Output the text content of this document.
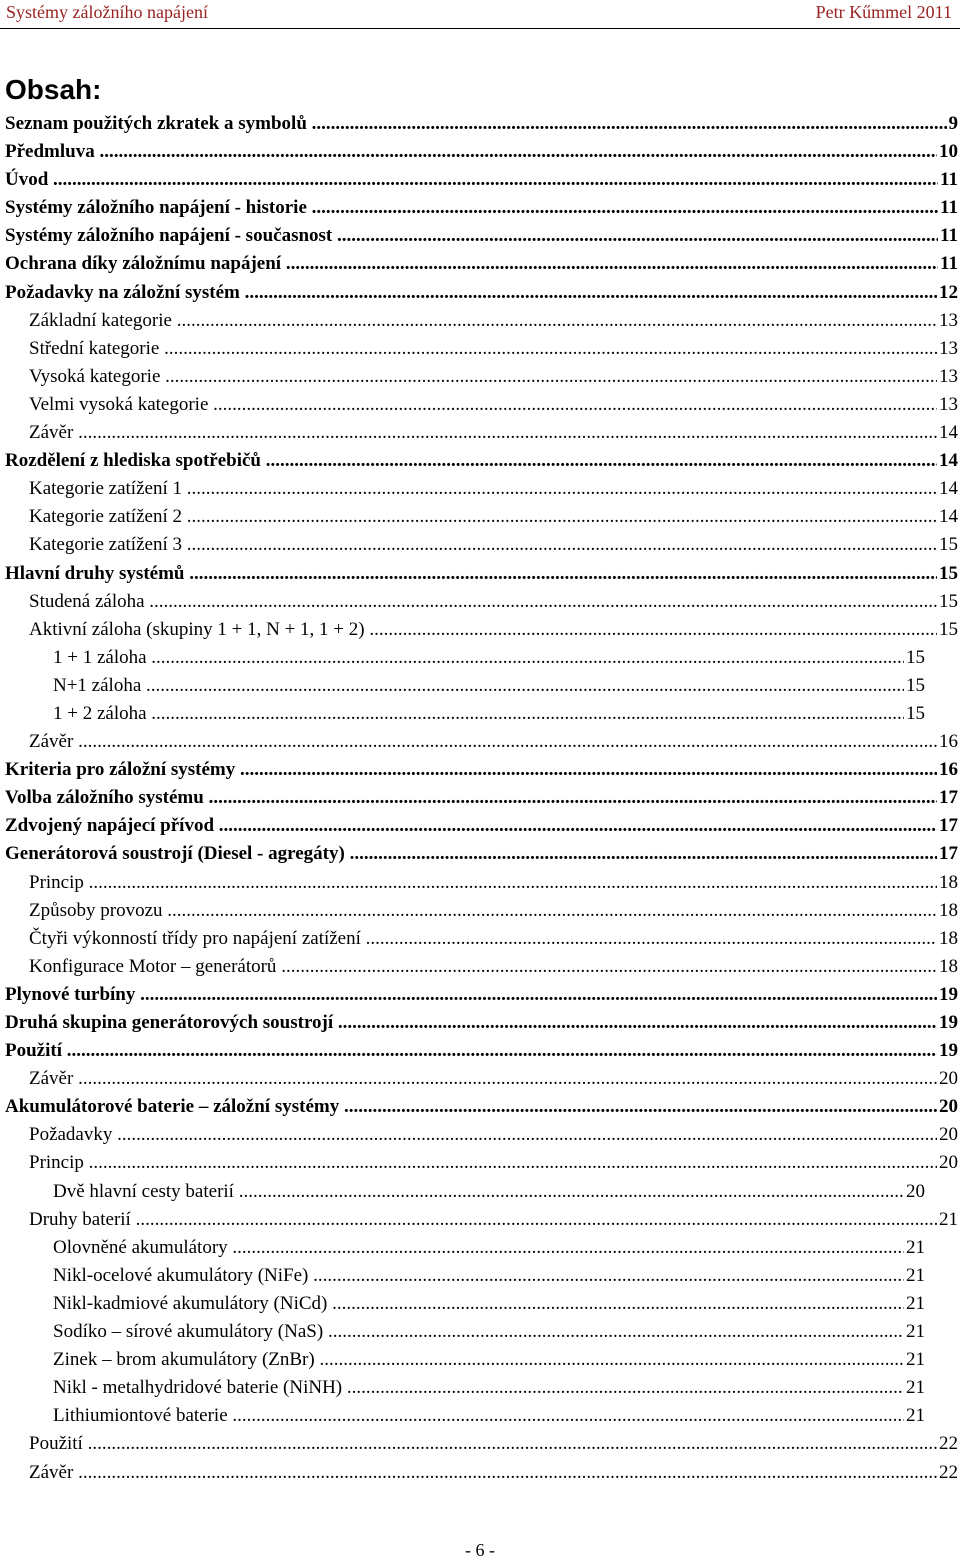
Systémy záložního napájení	Petr Kűmmel 2011
Obsah:
Seznam použitých zkratek a symbolů .....	9
Předmluva .....	10
Úvod .....	11
Systémy záložního napájení - historie .....	11
Systémy záložního napájení - současnost .....	11
Ochrana díky záložnímu napájení .....	11
Požadavky na záložní systém .....	12
Základní kategorie .....	13
Střední kategorie .....	13
Vysoká kategorie .....	13
Velmi vysoká kategorie .....	13
Závěr .....	14
Rozdělení z hlediska spotřebičů .....	14
Kategorie zatížení 1 .....	14
Kategorie zatížení 2 .....	14
Kategorie zatížení 3 .....	15
Hlavní druhy systémů .....	15
Studená záloha .....	15
Aktivní záloha (skupiny 1 + 1, N + 1, 1 + 2) .....	15
1 + 1 záloha .....	15
N+1 záloha .....	15
1 + 2 záloha .....	15
Závěr .....	16
Kriteria pro záložní systémy .....	16
Volba záložního systému .....	17
Zdvojený napájecí přívod .....	17
Generátorová soustrojí (Diesel - agregáty) .....	17
Princip .....	18
Způsoby provozu .....	18
Čtyři výkonností třídy pro napájení zatížení .....	18
Konfigurace Motor – generátorů .....	18
Plynové turbíny .....	19
Druhá skupina generátorových soustrojí .....	19
Použití .....	19
Závěr .....	20
Akumulátorové baterie – záložní systémy .....	20
Požadavky .....	20
Princip .....	20
Dvě hlavní cesty baterií .....	20
Druhy baterií .....	21
Olovněné akumulátory .....	21
Nikl-ocelové akumulátory (NiFe) .....	21
Nikl-kadmiové akumulátory (NiCd) .....	21
Sodíko – sírové akumulátory (NaS) .....	21
Zinek – brom akumulátory (ZnBr) .....	21
Nikl - metalhydridové baterie (NiNH) .....	21
Lithiumiontové baterie .....	21
Použití .....	22
Závěr .....	22
- 6 -
